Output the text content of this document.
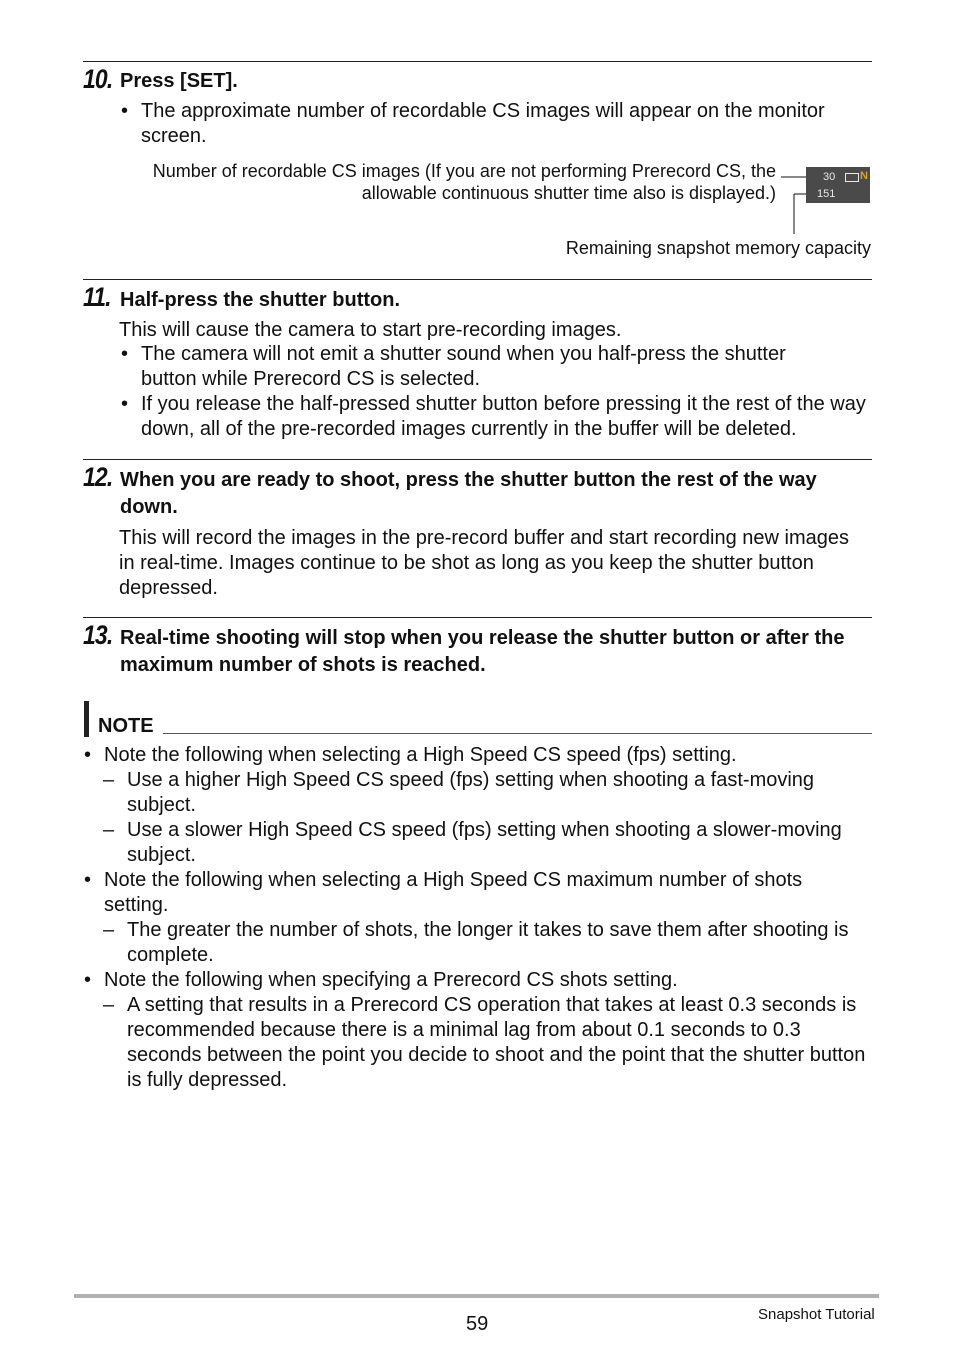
10. Press [SET].
• The approximate number of recordable CS images will appear on the monitor screen.
Number of recordable CS images (If you are not performing Prerecord CS, the allowable continuous shutter time also is displayed.)
30 N
151
Remaining snapshot memory capacity
11. Half-press the shutter button.
This will cause the camera to start pre-recording images.
• The camera will not emit a shutter sound when you half-press the shutter button while Prerecord CS is selected.
• If you release the half-pressed shutter button before pressing it the rest of the way down, all of the pre-recorded images currently in the buffer will be deleted.
12. When you are ready to shoot, press the shutter button the rest of the way down.
This will record the images in the pre-record buffer and start recording new images in real-time. Images continue to be shot as long as you keep the shutter button depressed.
13. Real-time shooting will stop when you release the shutter button or after the maximum number of shots is reached.
NOTE
• Note the following when selecting a High Speed CS speed (fps) setting.
– Use a higher High Speed CS speed (fps) setting when shooting a fast-moving subject.
– Use a slower High Speed CS speed (fps) setting when shooting a slower-moving subject.
• Note the following when selecting a High Speed CS maximum number of shots setting.
– The greater the number of shots, the longer it takes to save them after shooting is complete.
• Note the following when specifying a Prerecord CS shots setting.
– A setting that results in a Prerecord CS operation that takes at least 0.3 seconds is recommended because there is a minimal lag from about 0.1 seconds to 0.3 seconds between the point you decide to shoot and the point that the shutter button is fully depressed.
59	Snapshot Tutorial
